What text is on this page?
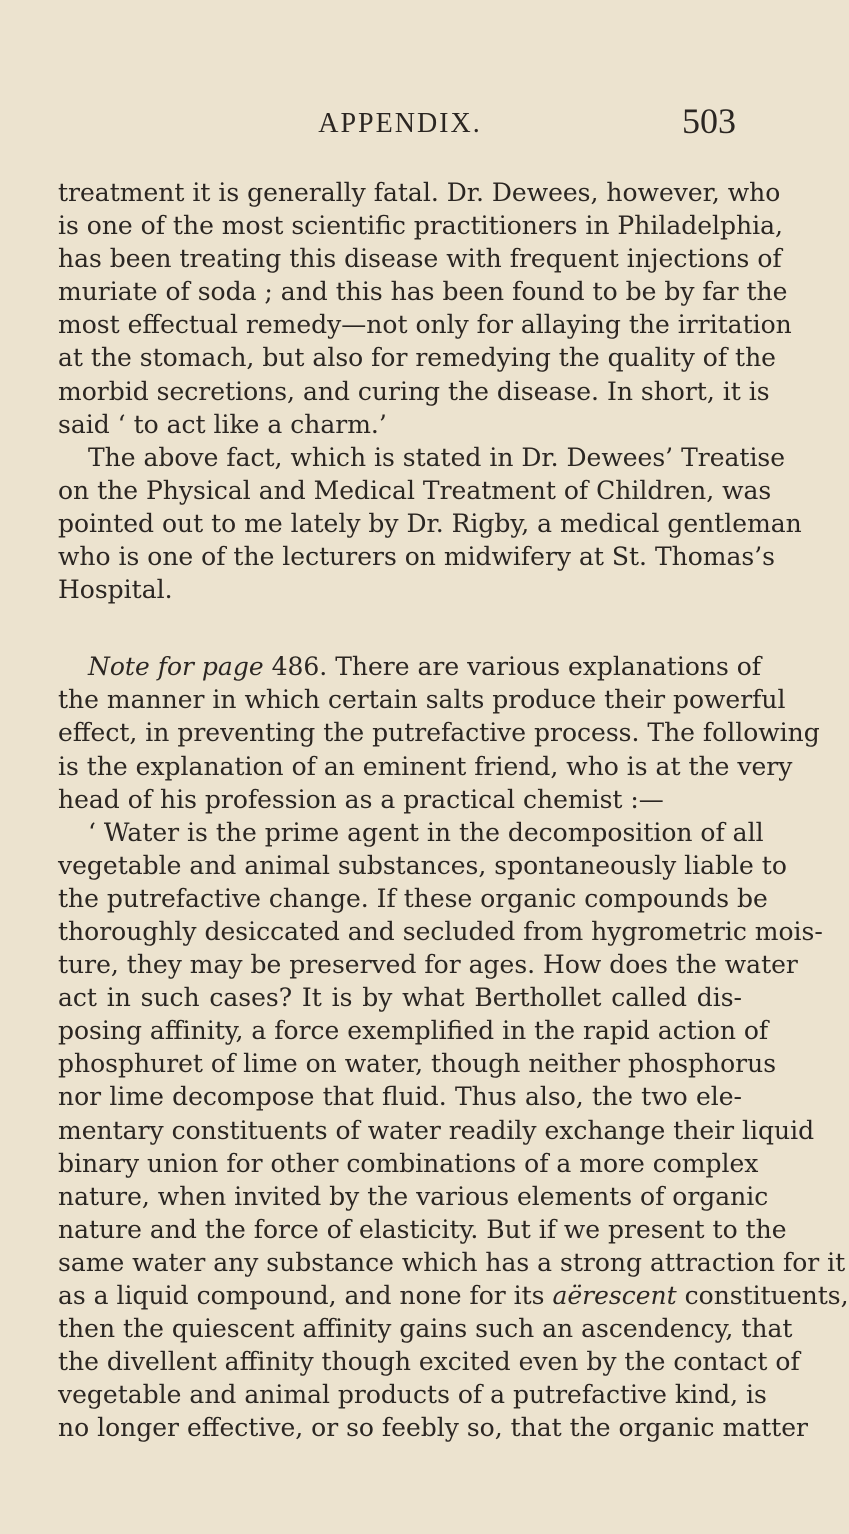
APPENDIX.	503
treatment it is generally fatal. Dr. Dewees, however, who
is one of the most scientific practitioners in Philadelphia,
has been treating this disease with frequent injections of
muriate of soda ; and this has been found to be by far the
most effectual remedy—not only for allaying the irritation
at the stomach, but also for remedying the quality of the
morbid secretions, and curing the disease. In short, it is
said ‘ to act like a charm.’
The above fact, which is stated in Dr. Dewees’ Treatise
on the Physical and Medical Treatment of Children, was
pointed out to me lately by Dr. Rigby, a medical gentleman
who is one of the lecturers on midwifery at St. Thomas’s
Hospital.
Note for page 486. There are various explanations of
the manner in which certain salts produce their powerful
effect, in preventing the putrefactive process. The following
is the explanation of an eminent friend, who is at the very
head of his profession as a practical chemist :—
‘ Water is the prime agent in the decomposition of all
vegetable and animal substances, spontaneously liable to
the putrefactive change. If these organic compounds be
thoroughly desiccated and secluded from hygrometric mois-
ture, they may be preserved for ages. How does the water
act in such cases? It is by what Berthollet called dis-
posing affinity, a force exemplified in the rapid action of
phosphuret of lime on water, though neither phosphorus
nor lime decompose that fluid. Thus also, the two ele-
mentary constituents of water readily exchange their liquid
binary union for other combinations of a more complex
nature, when invited by the various elements of organic
nature and the force of elasticity. But if we present to the
same water any substance which has a strong attraction for it
as a liquid compound, and none for its aërescent constituents,
then the quiescent affinity gains such an ascendency, that
the divellent affinity though excited even by the contact of
vegetable and animal products of a putrefactive kind, is
no longer effective, or so feebly so, that the organic matter
